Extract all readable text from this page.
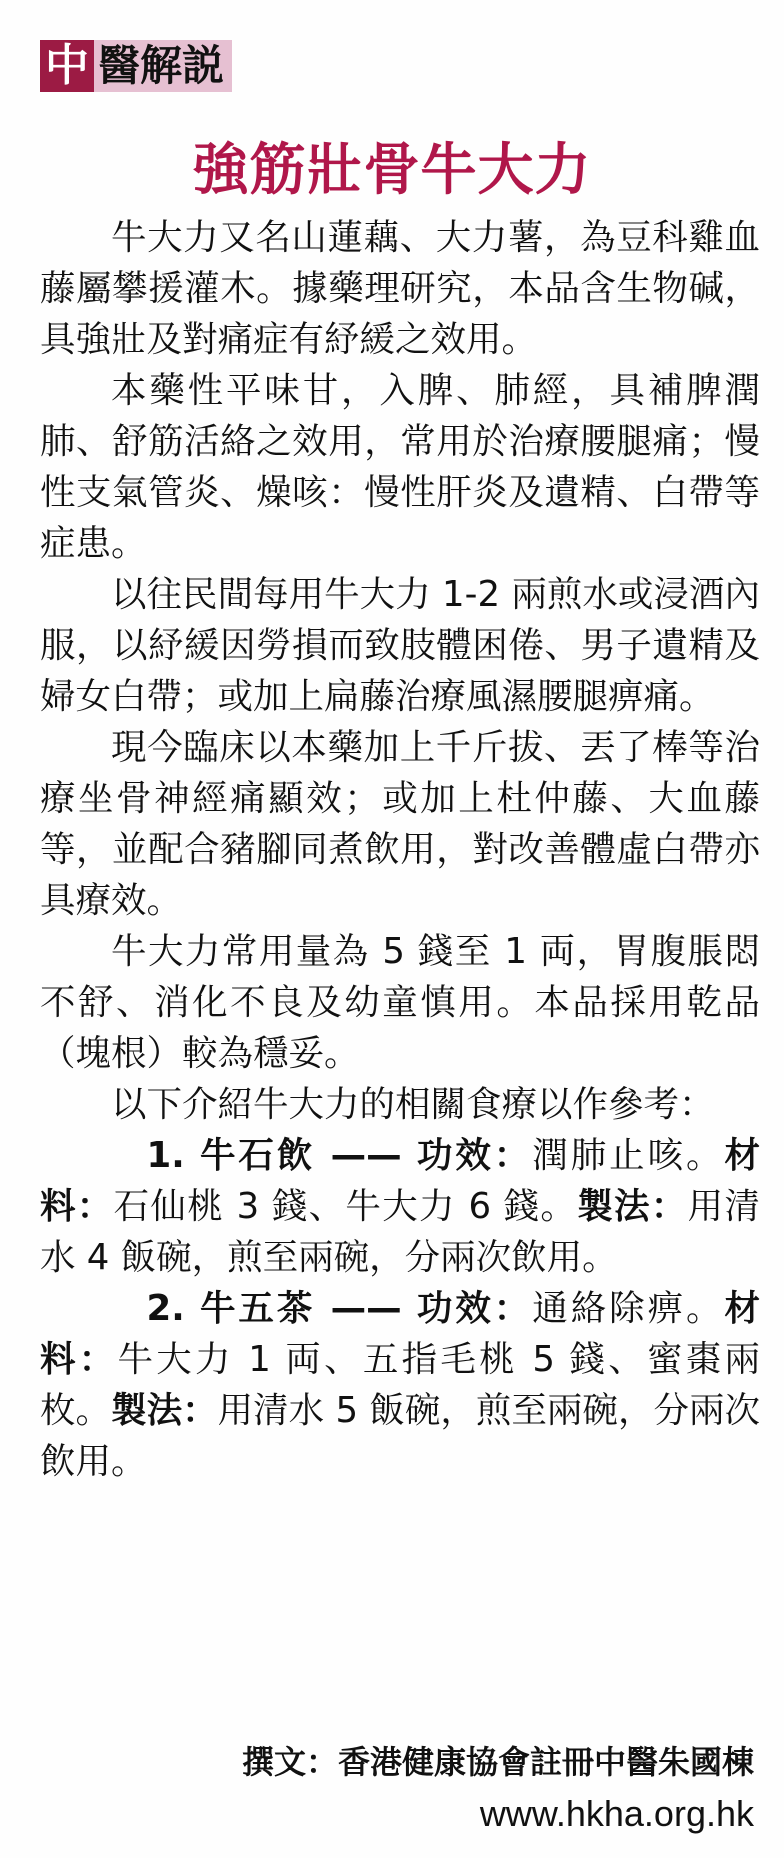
中 醫解説
強筋壯骨牛大力

牛大力又名山蓮藕、大力薯，為豆科雞血藤屬攀援灌木。據藥理研究，本品含生物碱，具強壯及對痛症有紓緩之效用。

本藥性平味甘，入脾、肺經，具補脾潤肺、舒筋活絡之效用，常用於治療腰腿痛；慢性支氣管炎、燥咳：慢性肝炎及遺精、白帶等症患。

以往民間每用牛大力 1-2 兩煎水或浸酒內服，以紓緩因勞損而致肢體困倦、男子遺精及婦女白帶；或加上扁藤治療風濕腰腿痹痛。

現今臨床以本藥加上千斤拔、丟了棒等治療坐骨神經痛顯效；或加上杜仲藤、大血藤等，並配合豬腳同煮飲用，對改善體虛白帶亦具療效。

牛大力常用量為 5 錢至 1 両，胃腹脹悶不舒、消化不良及幼童慎用。本品採用乾品（塊根）較為穩妥。

以下介紹牛大力的相關食療以作參考：

1. 牛石飲 —— 功效：潤肺止咳。材料：石仙桃 3 錢、牛大力 6 錢。製法：用清水 4 飯碗，煎至兩碗，分兩次飲用。

2. 牛五茶 —— 功效：通絡除痹。材料：牛大力 1 両、五指毛桃 5 錢、蜜棗兩枚。製法：用清水 5 飯碗，煎至兩碗，分兩次飲用。

撰文：香港健康協會註冊中醫朱國棟
www.hkha.org.hk
